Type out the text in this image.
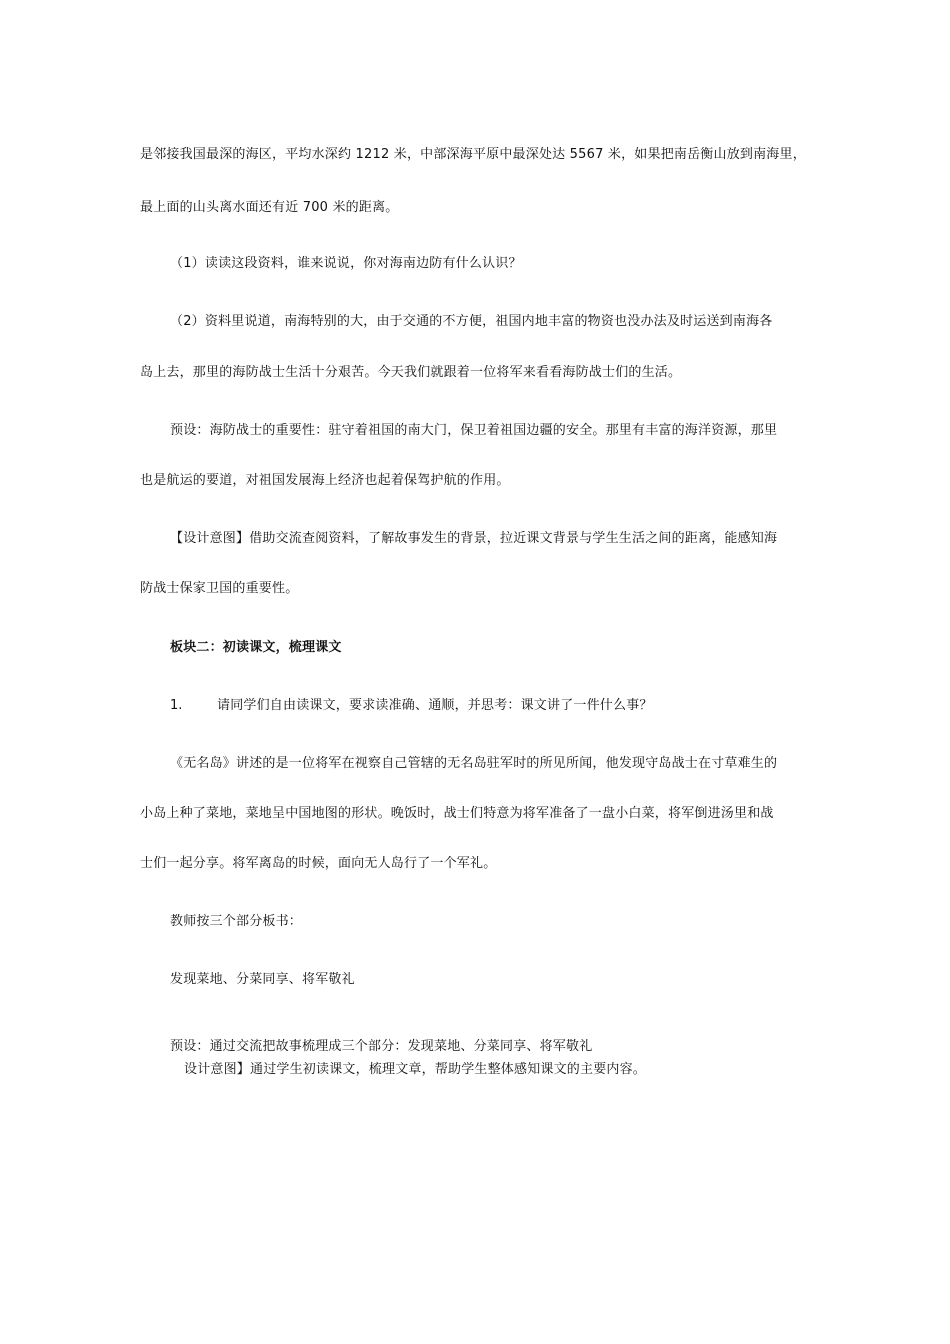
是邻接我国最深的海区，平均水深约 1212 米，中部深海平原中最深处达 5567 米，如果把南岳衡山放到南海里，
最上面的山头离水面还有近 700 米的距离。
（1）读读这段资料，谁来说说，你对海南边防有什么认识？
（2）资料里说道，南海特别的大，由于交通的不方便，祖国内地丰富的物资也没办法及时运送到南海各
岛上去，那里的海防战士生活十分艰苦。今天我们就跟着一位将军来看看海防战士们的生活。
预设：海防战士的重要性：驻守着祖国的南大门，保卫着祖国边疆的安全。那里有丰富的海洋资源，那里
也是航运的要道，对祖国发展海上经济也起着保驾护航的作用。
【设计意图】借助交流查阅资料，了解故事发生的背景，拉近课文背景与学生生活之间的距离，能感知海
防战士保家卫国的重要性。
板块二：初读课文，梳理课文
1.	请同学们自由读课文，要求读准确、通顺，并思考：课文讲了一件什么事？
《无名岛》讲述的是一位将军在视察自己管辖的无名岛驻军时的所见所闻，他发现守岛战士在寸草难生的
小岛上种了菜地，菜地呈中国地图的形状。晚饭时，战士们特意为将军准备了一盘小白菜，将军倒进汤里和战
士们一起分享。将军离岛的时候，面向无人岛行了一个军礼。
教师按三个部分板书：
发现菜地、分菜同享、将军敬礼
预设：通过交流把故事梳理成三个部分：发现菜地、分菜同享、将军敬礼
设计意图】通过学生初读课文，梳理文章，帮助学生整体感知课文的主要内容。
